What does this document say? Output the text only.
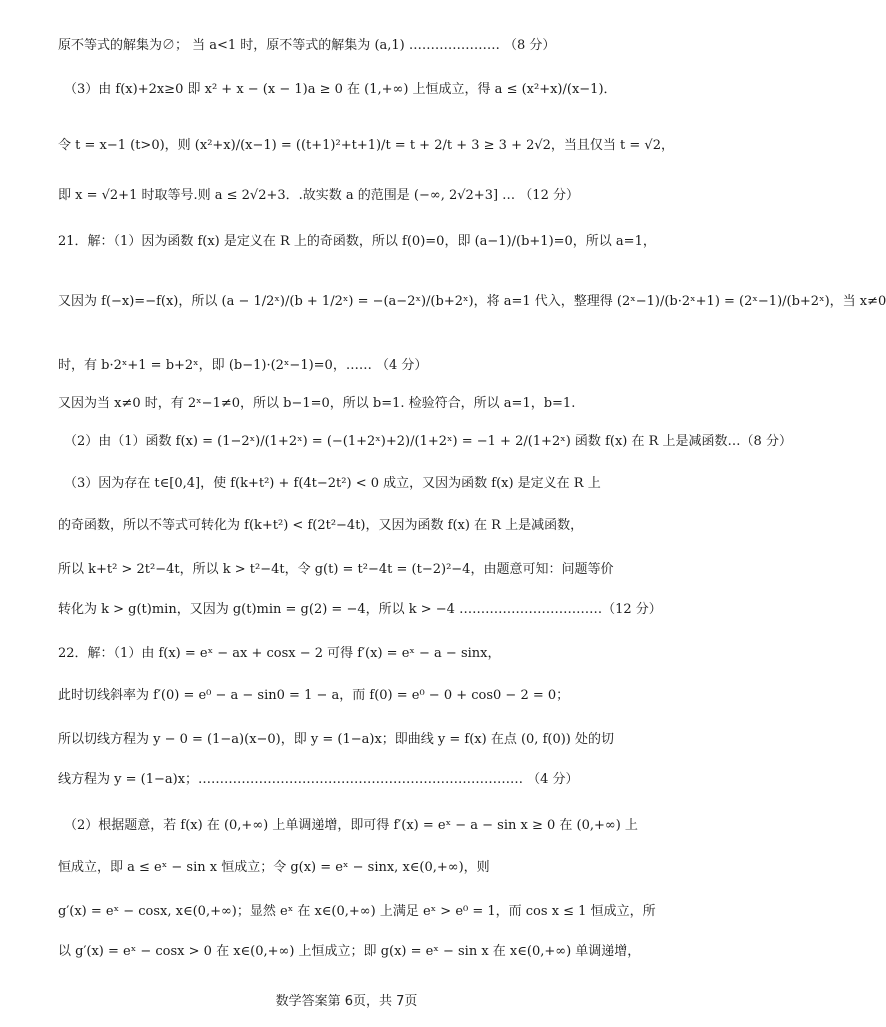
原不等式的解集为∅； 当 a<1 时，原不等式的解集为 (a,1) ………………… （8 分）
（3）由 f(x)+2x≥0 即 x² + x − (x − 1)a ≥ 0 在 (1,+∞) 上恒成立，得 a ≤ (x²+x)/(x−1)．
令 t = x−1 (t>0)，则 (x²+x)/(x−1) = ((t+1)²+t+1)/t = t + 2/t + 3 ≥ 3 + 2√2，当且仅当 t = √2，
即 x = √2+1 时取等号.则 a ≤ 2√2+3．.故实数 a 的范围是 (−∞, 2√2+3] … （12 分）
21．解：（1）因为函数 f(x) 是定义在 R 上的奇函数，所以 f(0)=0，即 (a−1)/(b+1)=0，所以 a=1，
又因为 f(−x)=−f(x)，所以 (a − 1/2ˣ)/(b + 1/2ˣ) = −(a−2ˣ)/(b+2ˣ)，将 a=1 代入，整理得 (2ˣ−1)/(b·2ˣ+1) = (2ˣ−1)/(b+2ˣ)，当 x≠0
时，有 b·2ˣ+1 = b+2ˣ，即 (b−1)·(2ˣ−1)=0，…… （4 分）
又因为当 x≠0 时，有 2ˣ−1≠0，所以 b−1=0，所以 b=1. 检验符合，所以 a=1，b=1.
（2）由（1）函数 f(x) = (1−2ˣ)/(1+2ˣ) = (−(1+2ˣ)+2)/(1+2ˣ) = −1 + 2/(1+2ˣ) 函数 f(x) 在 R 上是减函数…（8 分）
（3）因为存在 t∈[0,4]，使 f(k+t²) + f(4t−2t²) < 0 成立，又因为函数 f(x) 是定义在 R 上
的奇函数，所以不等式可转化为 f(k+t²) < f(2t²−4t)，又因为函数 f(x) 在 R 上是减函数，
所以 k+t² > 2t²−4t，所以 k > t²−4t，令 g(t) = t²−4t = (t−2)²−4，由题意可知：问题等价
转化为 k > g(t)min，又因为 g(t)min = g(2) = −4，所以 k > −4 ……………………………（12 分）
22．解：（1）由 f(x) = eˣ − ax + cosx − 2 可得 f′(x) = eˣ − a − sinx，
此时切线斜率为 f′(0) = e⁰ − a − sin0 = 1 − a，而 f(0) = e⁰ − 0 + cos0 − 2 = 0；
所以切线方程为 y − 0 = (1−a)(x−0)，即 y = (1−a)x；即曲线 y = f(x) 在点 (0, f(0)) 处的切
线方程为 y = (1−a)x；………………………………………………………………… （4 分）
（2）根据题意，若 f(x) 在 (0,+∞) 上单调递增，即可得 f′(x) = eˣ − a − sin x ≥ 0 在 (0,+∞) 上
恒成立，即 a ≤ eˣ − sin x 恒成立；令 g(x) = eˣ − sinx, x∈(0,+∞)，则
g′(x) = eˣ − cosx, x∈(0,+∞)；显然 eˣ 在 x∈(0,+∞) 上满足 eˣ > e⁰ = 1，而 cos x ≤ 1 恒成立，所
以 g′(x) = eˣ − cosx > 0 在 x∈(0,+∞) 上恒成立；即 g(x) = eˣ − sin x 在 x∈(0,+∞) 单调递增，
数学答案第 6页，共 7页
